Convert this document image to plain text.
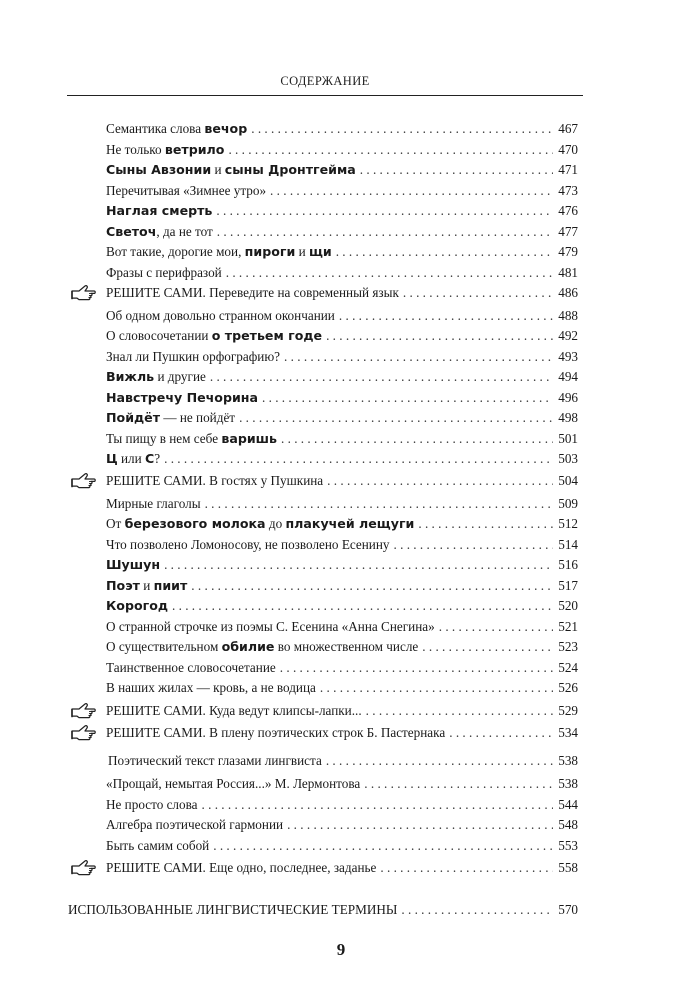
СОДЕРЖАНИЕ
Семантика слова вечор . . .	467
Не только ветрило . . .	470
Сыны Авзонии и сыны Дронтгейма . . .	471
Перечитывая «Зимнее утро» . . .	473
Наглая смерть . . .	476
Светоч, да не тот . . .	477
Вот такие, дорогие мои, пироги и щи . . .	479
Фразы с перифразой . . .	481
РЕШИТЕ САМИ. Переведите на современный язык . . .	486
Об одном довольно странном окончании . . .	488
О словосочетании о третьем годе . . .	492
Знал ли Пушкин орфографию? . . .	493
Вижль и другие . . .	494
Навстречу Печорина . . .	496
Пойдёт — не пойдёт . . .	498
Ты пищу в нем себе варишь . . .	501
Ц или С? . . .	503
РЕШИТЕ САМИ. В гостях у Пушкина . . .	504
Мирные глаголы . . .	509
От березового молока до плакучей лещуги . . .	512
Что позволено Ломоносову, не позволено Есенину . . .	514
Шушун . . .	516
Поэт и пиит . . .	517
Корогод . . .	520
О странной строчке из поэмы С. Есенина «Анна Снегина» . . .	521
О существительном обилие во множественном числе . . .	523
Таинственное словосочетание . . .	524
В наших жилах — кровь, а не водица . . .	526
РЕШИТЕ САМИ. Куда ведут клипсы-лапки... . . .	529
РЕШИТЕ САМИ. В плену поэтических строк Б. Пастернака . . .	534
Поэтический текст глазами лингвиста . . .	538
«Прощай, немытая Россия...» М. Лермонтова . . .	538
Не просто слова . . .	544
Алгебра поэтической гармонии . . .	548
Быть самим собой . . .	553
РЕШИТЕ САМИ. Еще одно, последнее, заданье . . .	558
ИСПОЛЬЗОВАННЫЕ ЛИНГВИСТИЧЕСКИЕ ТЕРМИНЫ . . .	570
9
